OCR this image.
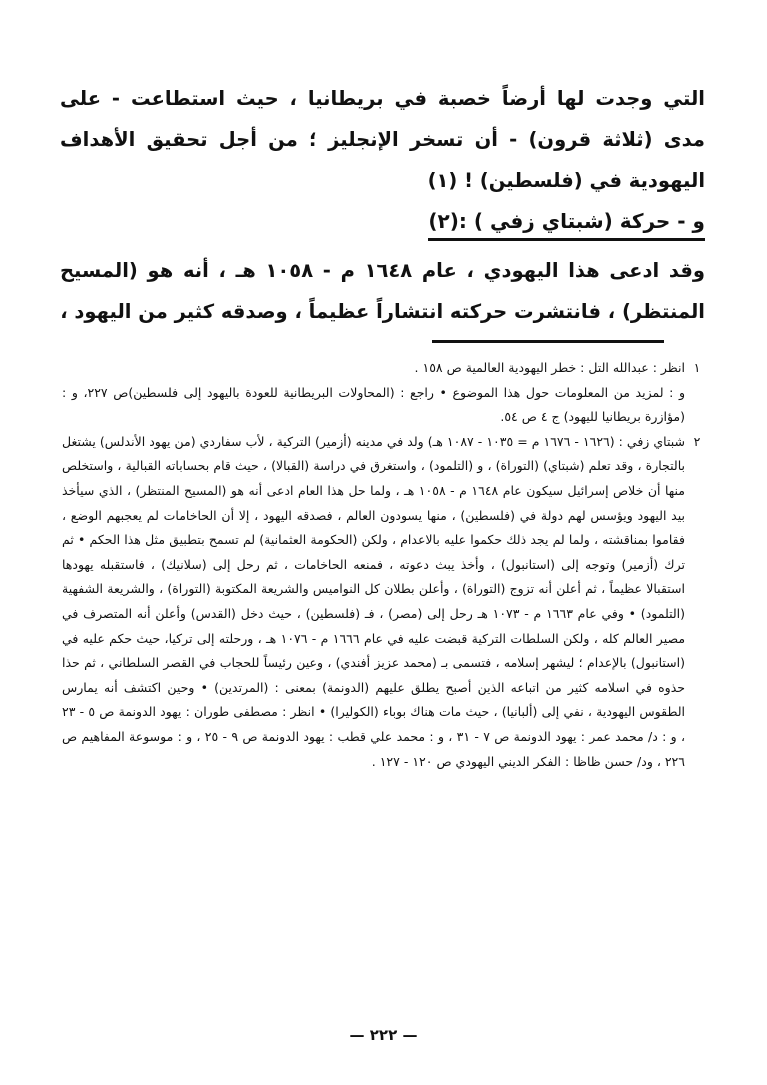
التي وجدت لها أرضاً خصبة في بريطانيا ، حيث استطاعت - على مدى (ثلاثة قرون) - أن تسخر الإنجليز ؛ من أجل تحقيق الأهداف اليهودية في (فلسطين) ! (١)

و - حركة (شبتاي زفي ) :(٢)

وقد ادعى هذا اليهودي ، عام ١٦٤٨ م - ١٠٥٨ هـ ، أنه هو (المسيح المنتظر) ، فانتشرت حركته انتشاراً عظيماً ، وصدقه كثير من اليهود ،

١

انظر : عبدالله التل : خطر اليهودية العالمية ص ١٥٨ .

و : لمزيد من المعلومات حول هذا الموضوع • راجع : (المحاولات البريطانية للعودة باليهود إلى فلسطين)ص ٢٢٧، و : (مؤازرة بريطانيا لليهود) ج ٤ ص ٥٤.

٢

شبتاي زفي : (١٦٢٦ - ١٦٧٦ م = ١٠٣٥ - ١٠٨٧ هـ) ولد في مدينه (أزمير) التركية ، لأب سفاردي (من يهود الأندلس) يشتغل بالتجارة ، وقد تعلم (شبتاي) (التوراة) ، و (التلمود) ، واستغرق في دراسة (القبالا) ، حيث قام بحساباته القبالية ، واستخلص منها أن خلاص إسرائيل سيكون عام ١٦٤٨ م - ١٠٥٨ هـ ، ولما حل هذا العام ادعى أنه هو (المسيح المنتظر) ، الذي سيأخذ بيد اليهود ويؤسس لهم دولة في (فلسطين) ، منها يسودون العالم ، فصدقه اليهود ، إلا أن الحاخامات لم يعجبهم الوضع ، فقاموا بمناقشته ، ولما لم يجد ذلك حكموا عليه بالاعدام ، ولكن (الحكومة العثمانية) لم تسمح بتطبيق مثل هذا الحكم • ثم ترك (أزمير) وتوجه إلى (استانبول) ، وأخذ يبث دعوته ، فمنعه الحاخامات ، ثم رحل إلى (سلانيك) ، فاستقبله يهودها استقبالا عظيماً ، ثم أعلن أنه تزوج (التوراة) ، وأعلن بطلان كل النواميس والشريعة المكتوبة (التوراة) ، والشريعة الشفهية (التلمود) • وفي عام ١٦٦٣ م - ١٠٧٣ هـ رحل إلى (مصر) ، فـ (فلسطين) ، حيث دخل (القدس) وأعلن أنه المتصرف في مصير العالم كله ، ولكن السلطات التركية قبضت عليه في عام ١٦٦٦ م - ١٠٧٦ هـ ، ورحلته إلى تركيا، حيث حكم عليه في (استانبول) بالإعدام ؛ ليشهر إسلامه ، فتسمى بـ (محمد عزيز أفندي) ، وعين رئيساً للحجاب في القصر السلطاني ، ثم حذا حذوه في اسلامه كثير من اتباعه الذين أصبح يطلق عليهم (الدونمة) بمعنى : (المرتدين) • وحين اكتشف أنه يمارس الطقوس اليهودية ، نفي إلى (ألبانيا) ، حيث مات هناك بوباء (الكوليرا) • انظر : مصطفى طوران : يهود الدونمة ص ٥ - ٢٣ ، و : د/ محمد عمر : يهود الدونمة ص ٧ - ٣١ ، و : محمد علي قطب : يهود الدونمة ص ٩ - ٢٥ ، و : موسوعة المفاهيم ص ٢٢٦ ، ود/ حسن ظاظا : الفكر الديني اليهودي ص ١٢٠ - ١٢٧ .

— ٢٢٢ —
